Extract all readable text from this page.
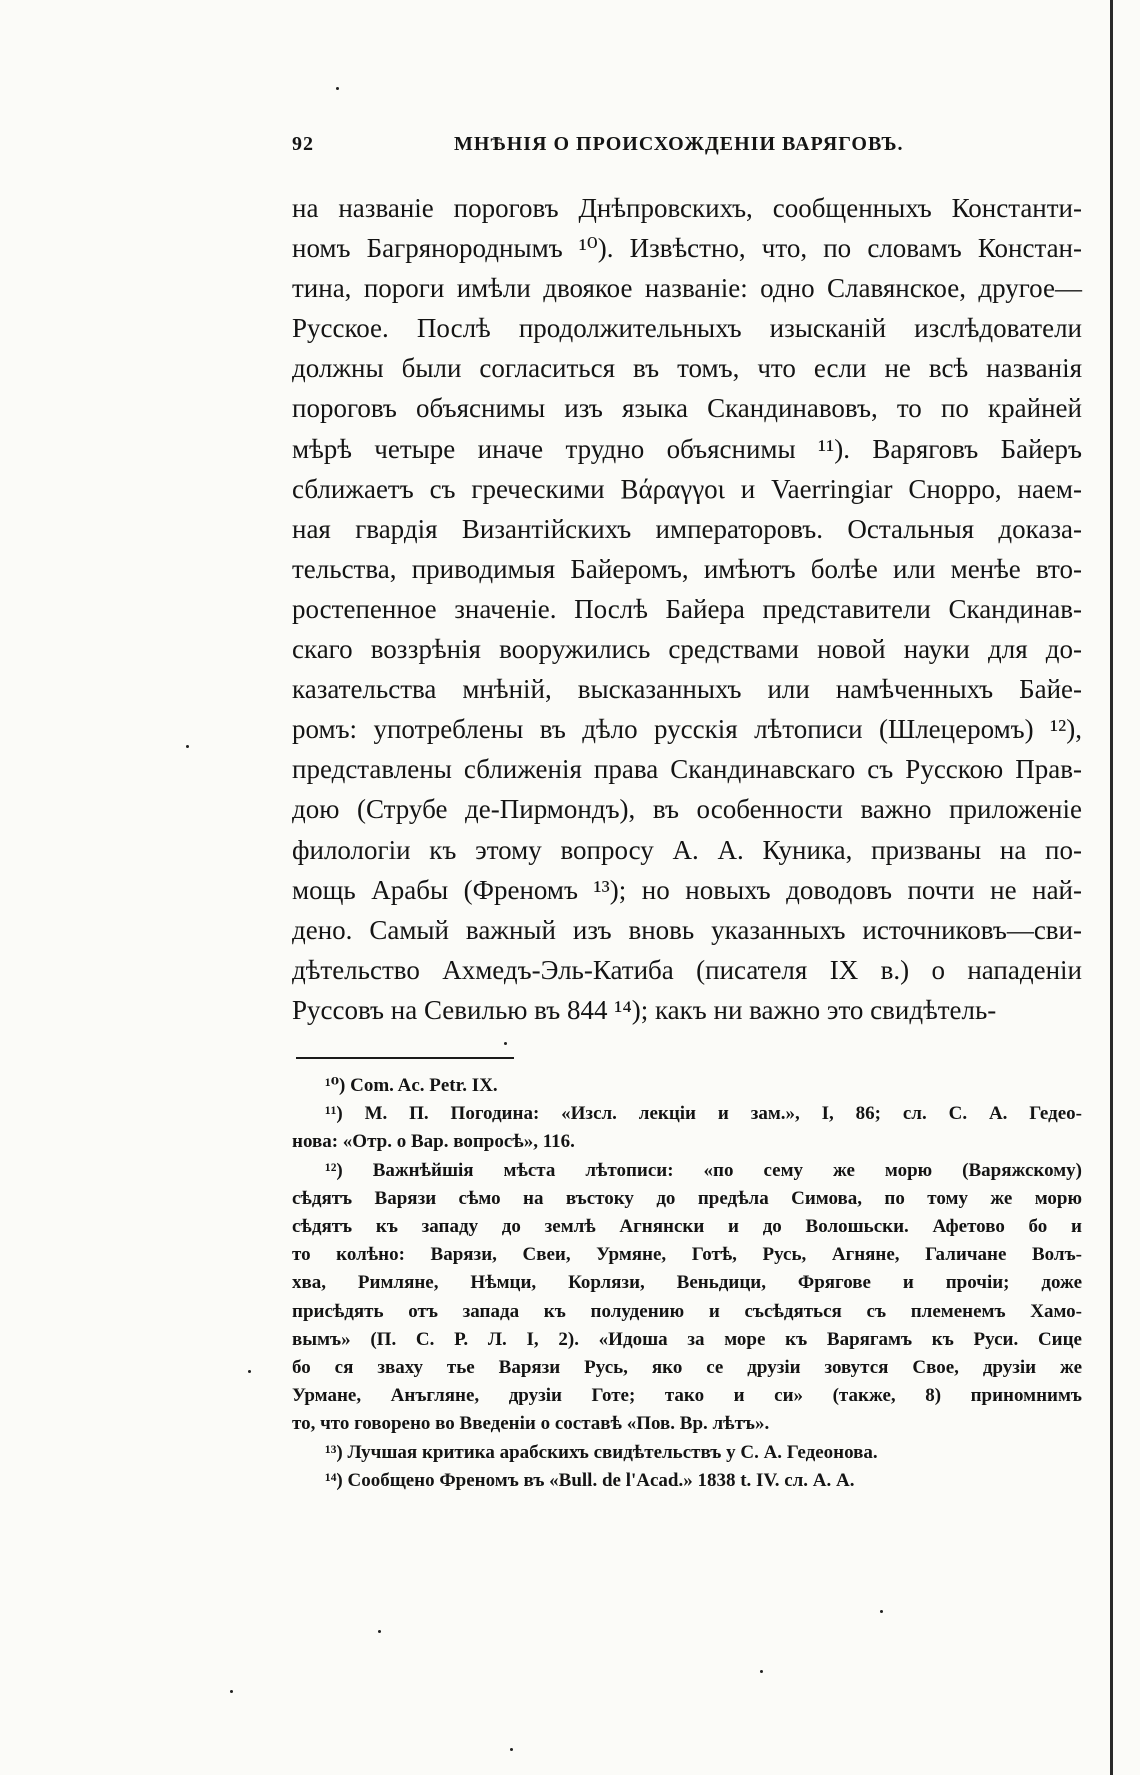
92	МНѢНІЯ О ПРОИСХОЖДЕНІИ ВАРЯГОВЪ.
на названіе пороговъ Днѣпровскихъ, сообщенныхъ Константи-
номъ Багрянороднымъ ¹⁰). Извѣстно, что, по словамъ Констан-
тина, пороги имѣли двоякое названіе: одно Славянское, другое—
Русское. Послѣ продолжительныхъ изысканій изслѣдователи
должны были согласиться въ томъ, что если не всѣ названія
пороговъ объяснимы изъ языка Скандинавовъ, то по крайней
мѣрѣ четыре иначе трудно объяснимы ¹¹). Варяговъ Байеръ
сближаетъ съ греческими Βάραγγοι и Vaerringiar Снорро, наем-
ная гвардія Византійскихъ императоровъ. Остальныя доказа-
тельства, приводимыя Байеромъ, имѣютъ болѣе или менѣе вто-
ростепенное значеніе. Послѣ Байера представители Скандинав-
скаго воззрѣнія вооружились средствами новой науки для до-
казательства мнѣній, высказанныхъ или намѣченныхъ Байе-
ромъ: употреблены въ дѣло русскія лѣтописи (Шлецеромъ) ¹²),
представлены сближенія права Скандинавскаго съ Русскою Прав-
дою (Струбе де-Пирмондъ), въ особенности важно приложеніе
филологіи къ этому вопросу А. А. Куника, призваны на по-
мощь Арабы (Френомъ ¹³); но новыхъ доводовъ почти не най-
дено. Самый важный изъ вновь указанныхъ источниковъ—сви-
дѣтельство Ахмедъ-Эль-Катиба (писателя IX в.) о нападеніи
Руссовъ на Севилью въ 844 ¹⁴); какъ ни важно это свидѣтель-
¹⁰) Com. Ac. Petr. IX.
¹¹) М. П. Погодина: «Изсл. лекціи и зам.», I, 86; сл. С. А. Гедео-
нова: «Отр. о Вар. вопросѣ», 116.
¹²) Важнѣйшія мѣста лѣтописи: «по сему же морю (Варяжскому)
сѣдятъ Варязи сѣмо на въстоку до предѣла Симова, по тому же морю
сѣдятъ къ западу до землѣ Агнянски и до Волошьски. Афетово бо и
то колѣно: Варязи, Свеи, Урмяне, Готѣ, Русь, Агняне, Галичане Волъ-
хва, Римляне, Нѣмци, Корлязи, Веньдици, Фрягове и прочіи; доже
присѣдять отъ запада къ полудению и съсѣдяться съ племенемъ Хамо-
вымъ» (П. С. Р. Л. I, 2). «Идоша за море къ Варягамъ къ Руси. Сице
бо ся зваху тье Варязи Русь, яко се друзіи зовутся Свое, друзіи же
Урмане, Анъгляне, друзіи Готе; тако и си» (также, 8) приномнимъ
то, что говорено во Введеніи о составѣ «Пов. Вр. лѣтъ».
¹³) Лучшая критика арабскихъ свидѣтельствъ у С. А. Гедеонова.
¹⁴) Сообщено Френомъ въ «Bull. de l'Acad.» 1838 t. IV. сл. А. А.
